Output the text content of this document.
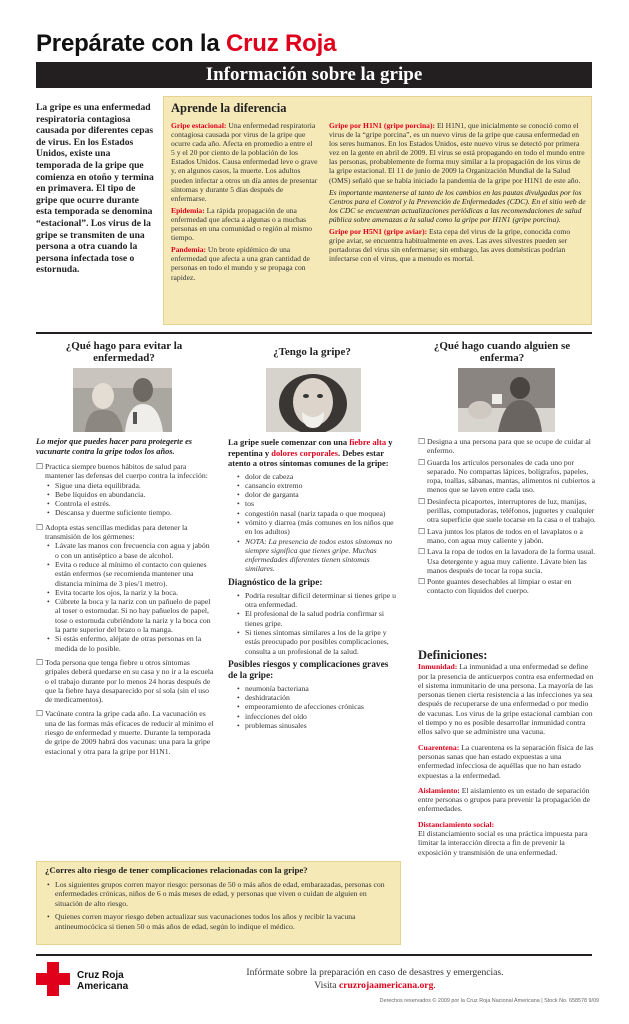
Prepárate con la Cruz Roja
Información sobre la gripe
La gripe es una enfermedad respiratoria contagiosa causada por diferentes cepas de virus. En los Estados Unidos, existe una temporada de la gripe que comienza en otoño y termina en primavera. El tipo de gripe que ocurre durante esta temporada se denomina “estacional”. Los virus de la gripe se transmiten de una persona a otra cuando la persona infectada tose o estornuda.
Aprende la diferencia

Gripe estacional: Una enfermedad respiratoria contagiosa causada por virus de la gripe que ocurre cada año. Afecta en promedio a entre el 5 y el 20 por ciento de la población de los Estados Unidos. Causa enfermedad leve o grave y, en algunos casos, la muerte. Los adultos pueden infectar a otros un día antes de presentar síntomas y durante 5 días después de enfermarse.

Epidemia: La rápida propagación de una enfermedad que afecta a algunas o a muchas personas en una comunidad o región al mismo tiempo.

Pandemia: Un brote epidémico de una enfermedad que afecta a una gran cantidad de personas en todo el mundo y se propaga con rapidez.

Gripe por H1N1 (gripe porcina): El H1N1, que inicialmente se conoció como el virus de la “gripe porcina”, es un nuevo virus de la gripe que causa enfermedad en los seres humanos. En los Estados Unidos, este nuevo virus se detectó por primera vez en la gente en abril de 2009. El virus se está propagando en todo el mundo entre las personas, probablemente de forma muy similar a la propagación de los virus de la gripe estacional. El 11 de junio de 2009 la Organización Mundial de la Salud (OMS) señaló que se había iniciado la pandemia de la gripe por H1N1 de este año.

Es importante mantenerse al tanto de los cambios en las pautas divulgadas por los Centros para el Control y la Prevención de Enfermedades (CDC). En el sitio web de los CDC se encuentran actualizaciones periódicas a las recomendaciones de salud pública sobre amenazas a la salud como la gripe por H1N1 (gripe porcina).

Gripe por H5N1 (gripe aviar): Esta cepa del virus de la gripe, conocida como gripe aviar, se encuentra habitualmente en aves. Las aves silvestres pueden ser portadoras del virus sin enfermarse; sin embargo, las aves domésticas podrían infectarse con el virus, que a menudo es mortal.

¿Qué hago para evitar la enfermedad?	¿Tengo la gripe?	¿Qué hago cuando alguien se enferma?

Lo mejor que puedes hacer para protegerte es vacunarte contra la gripe todos los años.

☐ Practica siempre buenos hábitos de salud para mantener las defensas del cuerpo contra la infección:
• Sigue una dieta equilibrada.
• Bebe líquidos en abundancia.
• Controla el estrés.
• Descansa y duerme suficiente tiempo.
☐ Adopta estas sencillas medidas para detener la transmisión de los gérmenes:
• Lávate las manos con frecuencia con agua y jabón o con un antiséptico a base de alcohol.
• Evita o reduce al mínimo el contacto con quienes están enfermos (se recomienda mantener una distancia mínima de 3 pies/1 metro).
• Evita tocarte los ojos, la nariz y la boca.
• Cúbrete la boca y la nariz con un pañuelo de papel al toser o estornudar. Si no hay pañuelos de papel, tose o estornuda cubriéndote la nariz y la boca con la parte superior del brazo o la manga.
• Si estás enfermo, aléjate de otras personas en la medida de lo posible.
☐ Toda persona que tenga fiebre u otros síntomas gripales deberá quedarse en su casa y no ir a la escuela o el trabajo durante por lo menos 24 horas después de que la fiebre haya desaparecido por sí sola (sin el uso de medicamentos).
☐ Vacúnate contra la gripe cada año. La vacunación es una de las formas más eficaces de reducir al mínimo el riesgo de enfermedad y muerte. Durante la temporada de gripe de 2009 habrá dos vacunas: una para la gripe estacional y otra para la gripe por H1N1.

La gripe suele comenzar con una fiebre alta y repentina y dolores corporales. Debes estar atento a otros síntomas comunes de la gripe:

• dolor de cabeza
• cansancio extremo
• dolor de garganta
• tos
• congestión nasal (nariz tapada o que moquea)
• vómito y diarrea (más comunes en los niños que en los adultos)
• NOTA: La presencia de todos estos síntomas no siempre significa que tienes gripe. Muchas enfermedades diferentes tienen síntomas similares.
Diagnóstico de la gripe:
• Podría resultar difícil determinar si tienes gripe u otra enfermedad.
• El profesional de la salud podría confirmar si tienes gripe.
• Si tienes síntomas similares a los de la gripe y estás preocupado por posibles complicaciones, consulta a un profesional de la salud.
Posibles riesgos y complicaciones graves de la gripe:
• neumonía bacteriana
• deshidratación
• empeoramiento de afecciones crónicas
• infecciones del oído
• problemas sinusales
☐ Designa a una persona para que se ocupe de cuidar al enfermo.
☐ Guarda los artículos personales de cada uno por separado. No compartas lápices, bolígrafos, papeles, ropa, toallas, sábanas, mantas, alimentos ni cubiertos a menos que se laven entre cada uso.
☐ Desinfecta picaportes, interruptores de luz, manijas, perillas, computadoras, teléfonos, juguetes y cualquier otra superficie que suele tocarse en la casa o el trabajo.
☐ Lava juntos los platos de todos en el lavaplatos o a mano, con agua muy caliente y jabón.
☐ Lava la ropa de todos en la lavadora de la forma usual. Usa detergente y agua muy caliente. Lávate bien las manos después de tocar la ropa sucia.
☐ Ponte guantes desechables al limpiar o estar en contacto con líquidos del cuerpo.
Definiciones:

Inmunidad: La inmunidad a una enfermedad se define por la presencia de anticuerpos contra esa enfermedad en el sistema inmunitario de una persona. La mayoría de las personas tienen cierta resistencia a las infecciones ya sea después de recuperarse de una enfermedad o por medio de vacunas. Los virus de la gripe estacional cambian con el tiempo y no es posible desarrollar inmunidad contra ellos salvo que se administre una vacuna.

Cuarentena: La cuarentena es la separación física de las personas sanas que han estado expuestas a una enfermedad infecciosa de aquéllas que no han estado expuestas a la enfermedad.

Aislamiento: El aislamiento es un estado de separación entre personas o grupos para prevenir la propagación de enfermedades.

Distanciamiento social:
El distanciamiento social es una práctica impuesta para limitar la interacción directa a fin de prevenir la exposición y transmisión de una enfermedad.

¿Corres alto riesgo de tener complicaciones relacionadas con la gripe?
• Los siguientes grupos corren mayor riesgo: personas de 50 o más años de edad, embarazadas, personas con enfermedades crónicas, niños de 6 o más meses de edad, y personas que viven o cuidan de alguien en situación de alto riesgo.
• Quienes corren mayor riesgo deben actualizar sus vacunaciones todos los años y recibir la vacuna antineumocócica si tienen 50 o más años de edad, según lo indique el médico.
Cruz Roja
Americana
Infórmate sobre la preparación en caso de desastres y emergencias.
Visita cruzrojaamericana.org.
Derechos reservados © 2009 por la Cruz Roja Nacional Americana | Stock No. 658578 9/09
